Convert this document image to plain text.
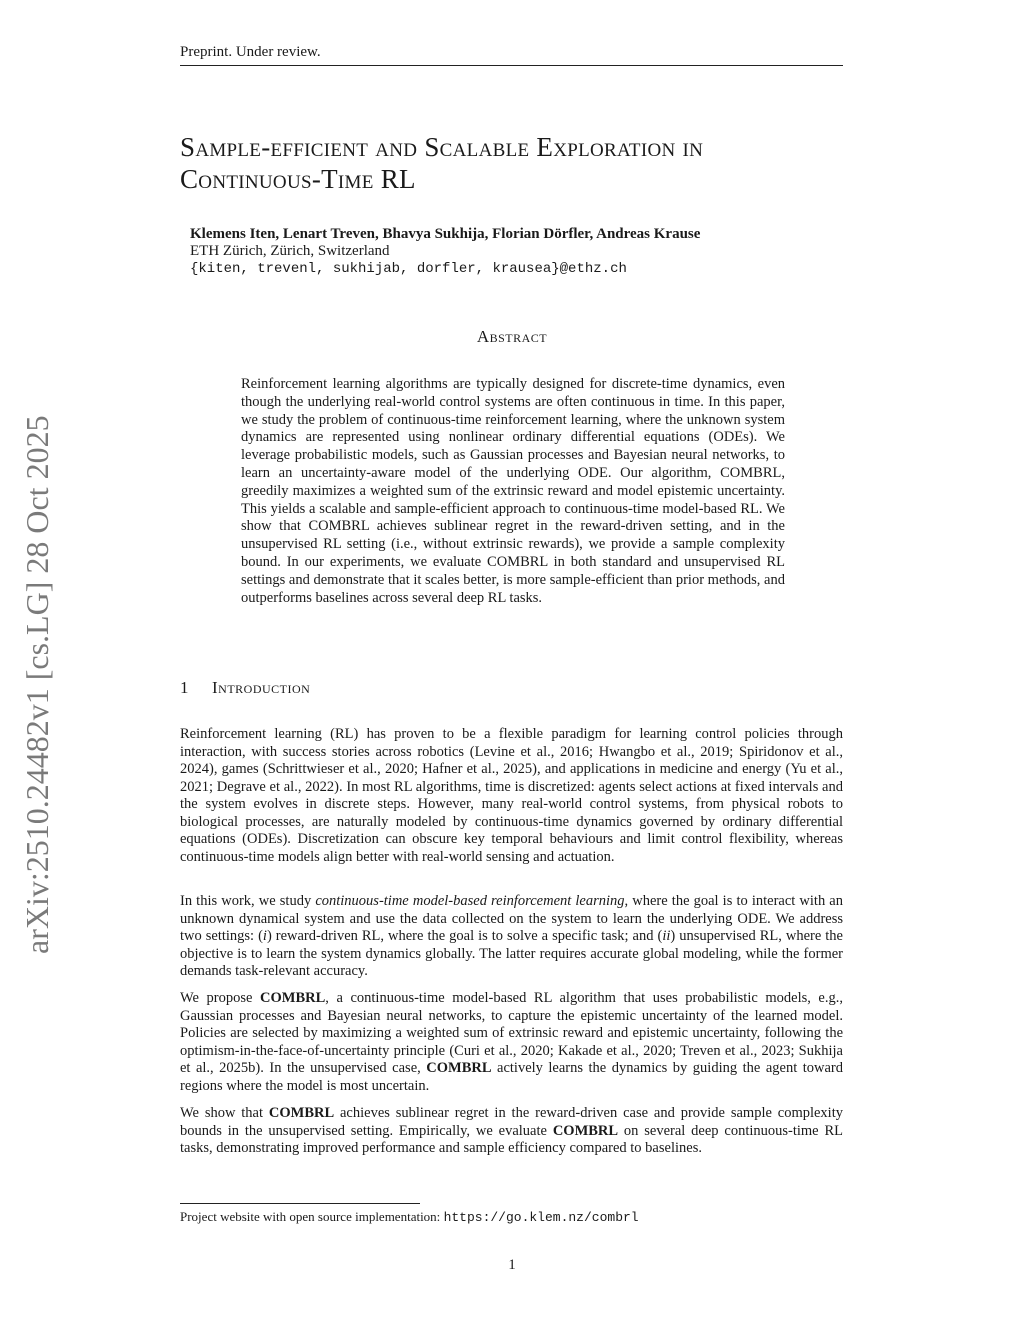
Preprint. Under review.
Sample-efficient and Scalable Exploration in
Continuous-Time RL
Klemens Iten, Lenart Treven, Bhavya Sukhija, Florian Dörfler, Andreas Krause
ETH Zürich, Zürich, Switzerland
{kiten, trevenl, sukhijab, dorfler, krausea}@ethz.ch
arXiv:2510.24482v1 [cs.LG] 28 Oct 2025
Abstract
Reinforcement learning algorithms are typically designed for discrete-time dynamics, even though the underlying real-world control systems are often continuous in time. In this paper, we study the problem of continuous-time reinforcement learning, where the unknown system dynamics are represented using nonlinear ordinary differential equations (ODEs). We leverage probabilistic models, such as Gaussian processes and Bayesian neural networks, to learn an uncertainty-aware model of the underlying ODE. Our algorithm, COMBRL, greedily maximizes a weighted sum of the extrinsic reward and model epistemic uncertainty. This yields a scalable and sample-efficient approach to continuous-time model-based RL. We show that COMBRL achieves sublinear regret in the reward-driven setting, and in the unsupervised RL setting (i.e., without extrinsic rewards), we provide a sample complexity bound. In our experiments, we evaluate COMBRL in both standard and unsupervised RL settings and demonstrate that it scales better, is more sample-efficient than prior methods, and outperforms baselines across several deep RL tasks.
1 Introduction
Reinforcement learning (RL) has proven to be a flexible paradigm for learning control policies through interaction, with success stories across robotics (Levine et al., 2016; Hwangbo et al., 2019; Spiridonov et al., 2024), games (Schrittwieser et al., 2020; Hafner et al., 2025), and applications in medicine and energy (Yu et al., 2021; Degrave et al., 2022). In most RL algorithms, time is discretized: agents select actions at fixed intervals and the system evolves in discrete steps. However, many real-world control systems, from physical robots to biological processes, are naturally modeled by continuous-time dynamics governed by ordinary differential equations (ODEs). Discretization can obscure key temporal behaviours and limit control flexibility, whereas continuous-time models align better with real-world sensing and actuation.
In this work, we study continuous-time model-based reinforcement learning, where the goal is to interact with an unknown dynamical system and use the data collected on the system to learn the underlying ODE. We address two settings: (i) reward-driven RL, where the goal is to solve a specific task; and (ii) unsupervised RL, where the objective is to learn the system dynamics globally. The latter requires accurate global modeling, while the former demands task-relevant accuracy.
We propose COMBRL, a continuous-time model-based RL algorithm that uses probabilistic models, e.g., Gaussian processes and Bayesian neural networks, to capture the epistemic uncertainty of the learned model. Policies are selected by maximizing a weighted sum of extrinsic reward and epistemic uncertainty, following the optimism-in-the-face-of-uncertainty principle (Curi et al., 2020; Kakade et al., 2020; Treven et al., 2023; Sukhija et al., 2025b). In the unsupervised case, COMBRL actively learns the dynamics by guiding the agent toward regions where the model is most uncertain.
We show that COMBRL achieves sublinear regret in the reward-driven case and provide sample complexity bounds in the unsupervised setting. Empirically, we evaluate COMBRL on several deep continuous-time RL tasks, demonstrating improved performance and sample efficiency compared to baselines.
Project website with open source implementation: https://go.klem.nz/combrl
1
